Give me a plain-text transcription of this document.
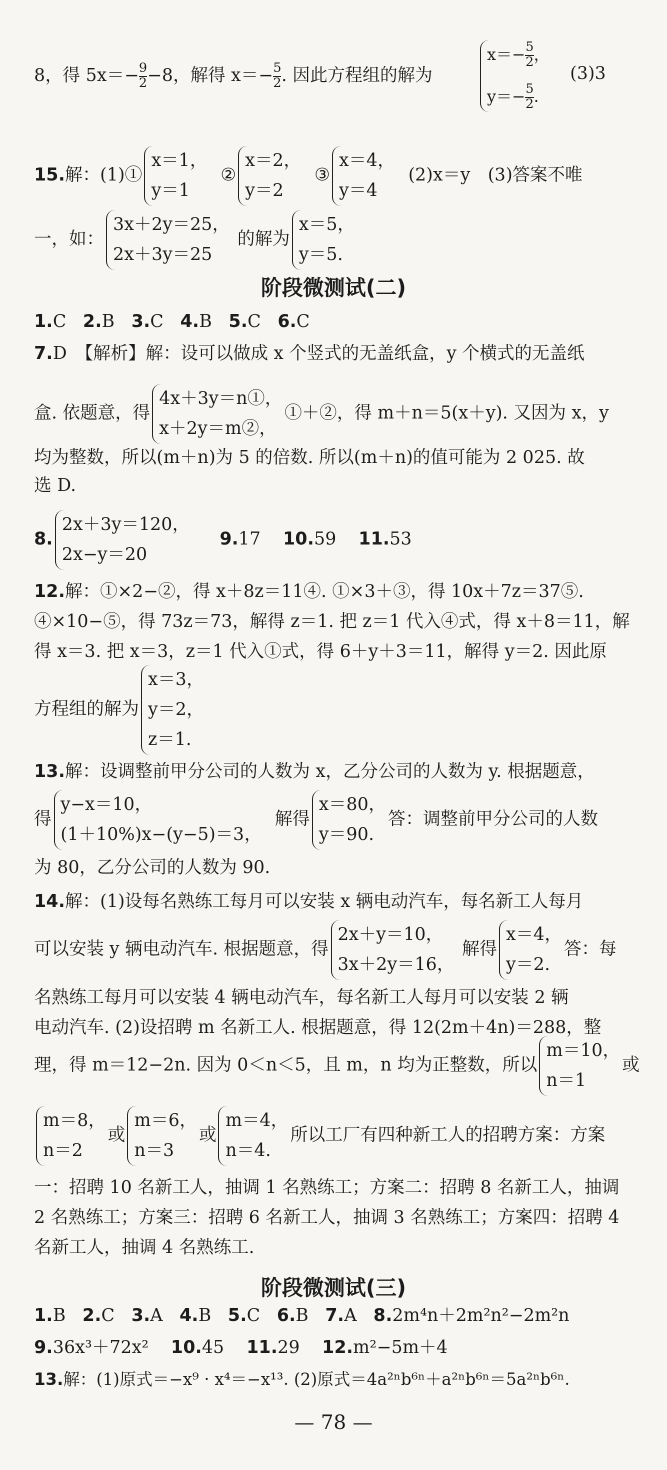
8，得 $5x=- \frac{9}{2} -8$，解得 $x=- \frac{5}{2}$ . 因此方程组的解为
$x=- \frac{5}{2}$ ，
$y=- \frac{5}{2}$ .
(3)3
15.解：(1)①
x＝1，
y＝1
②
x＝2，
y＝2
③
x＝4，
y＝4
(2)x＝y　(3)答案不唯
一，如：
3x＋2y＝25，
2x＋3y＝25
的解为
x＝5，
y＝5.
阶段微测试(二)
1.C 2.B 3.C 4.B 5.C 6.C
7.D　【解析】解：设可以做成 x 个竖式的无盖纸盒，y 个横式的无盖纸
盒. 依题意，得
4x＋3y＝n①，
x＋2y＝m②，
①＋②，得 m＋n＝5(x＋y). 又因为 x，y
均为整数，所以(m＋n)为 5 的倍数. 所以(m＋n)的值可能为 2 025. 故
选 D.
8.
2x＋3y＝120，
2x−y＝20
9.17 10.59 11.53
12.解：①×2−②，得 x＋8z＝11④. ①×3＋③，得 10x＋7z＝37⑤.
④×10−⑤，得 73z＝73，解得 z＝1. 把 z＝1 代入④式，得 x＋8＝11，解
得 x＝3. 把 x＝3，z＝1 代入①式，得 6＋y＋3＝11，解得 y＝2. 因此原
方程组的解为
x＝3，
y＝2，
z＝1.
13.解：设调整前甲分公司的人数为 x，乙分公司的人数为 y. 根据题意，
得
y−x＝10，
(1＋10%)x−(y−5)＝3，
解得
x＝80，
y＝90.
答：调整前甲分公司的人数
为 80，乙分公司的人数为 90.
14.解：(1)设每名熟练工每月可以安装 x 辆电动汽车，每名新工人每月
可以安装 y 辆电动汽车. 根据题意，得
2x＋y＝10，
3x＋2y＝16，
解得
x＝4，
y＝2.
答：每
名熟练工每月可以安装 4 辆电动汽车，每名新工人每月可以安装 2 辆
电动汽车. (2)设招聘 m 名新工人. 根据题意，得 12(2m＋4n)＝288，整
理，得 m＝12−2n. 因为 0＜n＜5，且 m，n 均为正整数，所以
m＝10，
n＝1
或
m＝8，
n＝2
或
m＝6，
n＝3
或
m＝4，
n＝4.
所以工厂有四种新工人的招聘方案：方案
一：招聘 10 名新工人，抽调 1 名熟练工；方案二：招聘 8 名新工人，抽调
2 名熟练工；方案三：招聘 6 名新工人，抽调 3 名熟练工；方案四：招聘 4
名新工人，抽调 4 名熟练工.
阶段微测试(三)
1.B 2.C 3.A 4.B 5.C 6.B 7.A 8.2m⁴n＋2m²n²−2m²n
9.36x³＋72x² 10.45 11.29 12.m²−5m＋4
13.解：(1)原式＝−x⁹ · x⁴＝−x¹³. (2)原式＝4a²ⁿb⁶ⁿ＋a²ⁿb⁶ⁿ＝5a²ⁿb⁶ⁿ.
— 78 —
